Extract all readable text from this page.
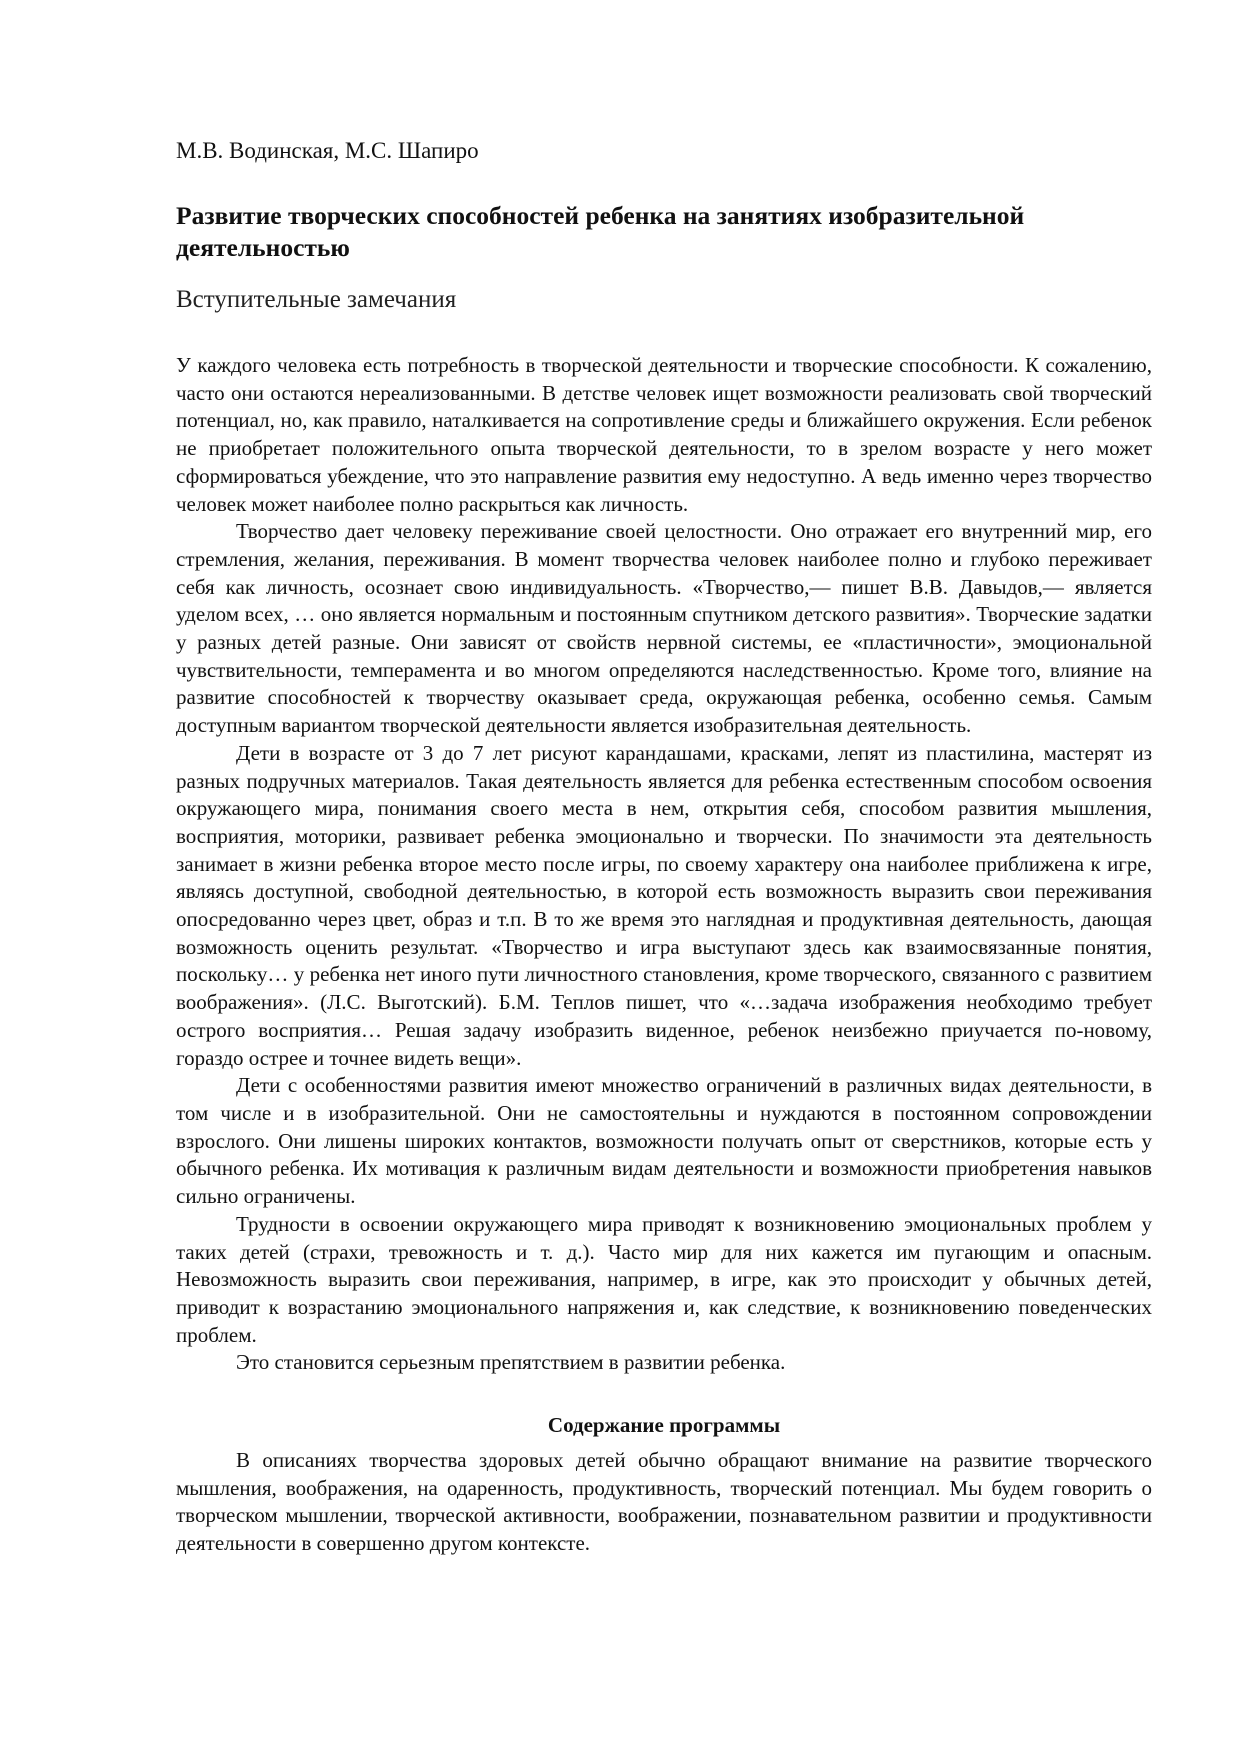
М.В. Водинская, М.С. Шапиро
Развитие творческих способностей ребенка на занятиях изобразительной деятельностью
Вступительные замечания

У каждого человека есть потребность в творческой деятельности и творческие способности. К сожалению, часто они остаются нереализованными. В детстве человек ищет возможности реализовать свой творческий потенциал, но, как правило, наталкивается на сопротивление среды и ближайшего окружения. Если ребенок не приобретает положительного опыта творческой деятельности, то в зрелом возрасте у него может сформироваться убеждение, что это направление развития ему недоступно. А ведь именно через творчество человек может наиболее полно раскрыться как личность.

Творчество дает человеку переживание своей целостности. Оно отражает его внутренний мир, его стремления, желания, переживания. В момент творчества человек наиболее полно и глубоко переживает себя как личность, осознает свою индивидуальность. «Творчество,— пишет В.В. Давыдов,— является уделом всех, … оно является нормальным и постоянным спутником детского развития». Творческие задатки у разных детей разные. Они зависят от свойств нервной системы, ее «пластичности», эмоциональной чувствительности, темперамента и во многом определяются наследственностью. Кроме того, влияние на развитие способностей к творчеству оказывает среда, окружающая ребенка, особенно семья. Самым доступным вариантом творческой деятельности является изобразительная деятельность.

Дети в возрасте от 3 до 7 лет рисуют карандашами, красками, лепят из пластилина, мастерят из разных подручных материалов. Такая деятельность является для ребенка естественным способом освоения окружающего мира, понимания своего места в нем, открытия себя, способом развития мышления, восприятия, моторики, развивает ребенка эмоционально и творчески. По значимости эта деятельность занимает в жизни ребенка второе место после игры, по своему характеру она наиболее приближена к игре, являясь доступной, свободной деятельностью, в которой есть возможность выразить свои переживания опосредованно через цвет, образ и т.п. В то же время это наглядная и продуктивная деятельность, дающая возможность оценить результат. «Творчество и игра выступают здесь как взаимосвязанные понятия, поскольку… у ребенка нет иного пути личностного становления, кроме творческого, связанного с развитием воображения». (Л.С. Выготский). Б.М. Теплов пишет, что «…задача изображения необходимо требует острого восприятия… Решая задачу изобразить виденное, ребенок неизбежно приучается по-новому, гораздо острее и точнее видеть вещи».

Дети с особенностями развития имеют множество ограничений в различных видах деятельности, в том числе и в изобразительной. Они не самостоятельны и нуждаются в постоянном сопровождении взрослого. Они лишены широких контактов, возможности получать опыт от сверстников, которые есть у обычного ребенка. Их мотивация к различным видам деятельности и возможности приобретения навыков сильно ограничены.

Трудности в освоении окружающего мира приводят к возникновению эмоциональных проблем у таких детей (страхи, тревожность и т. д.). Часто мир для них кажется им пугающим и опасным. Невозможность выразить свои переживания, например, в игре, как это происходит у обычных детей, приводит к возрастанию эмоционального напряжения и, как следствие, к возникновению поведенческих проблем.

Это становится серьезным препятствием в развитии ребенка.

Содержание программы

В описаниях творчества здоровых детей обычно обращают внимание на развитие творческого мышления, воображения, на одаренность, продуктивность, творческий потенциал. Мы будем говорить о творческом мышлении, творческой активности, воображении, познавательном развитии и продуктивности деятельности в совершенно другом контексте.
